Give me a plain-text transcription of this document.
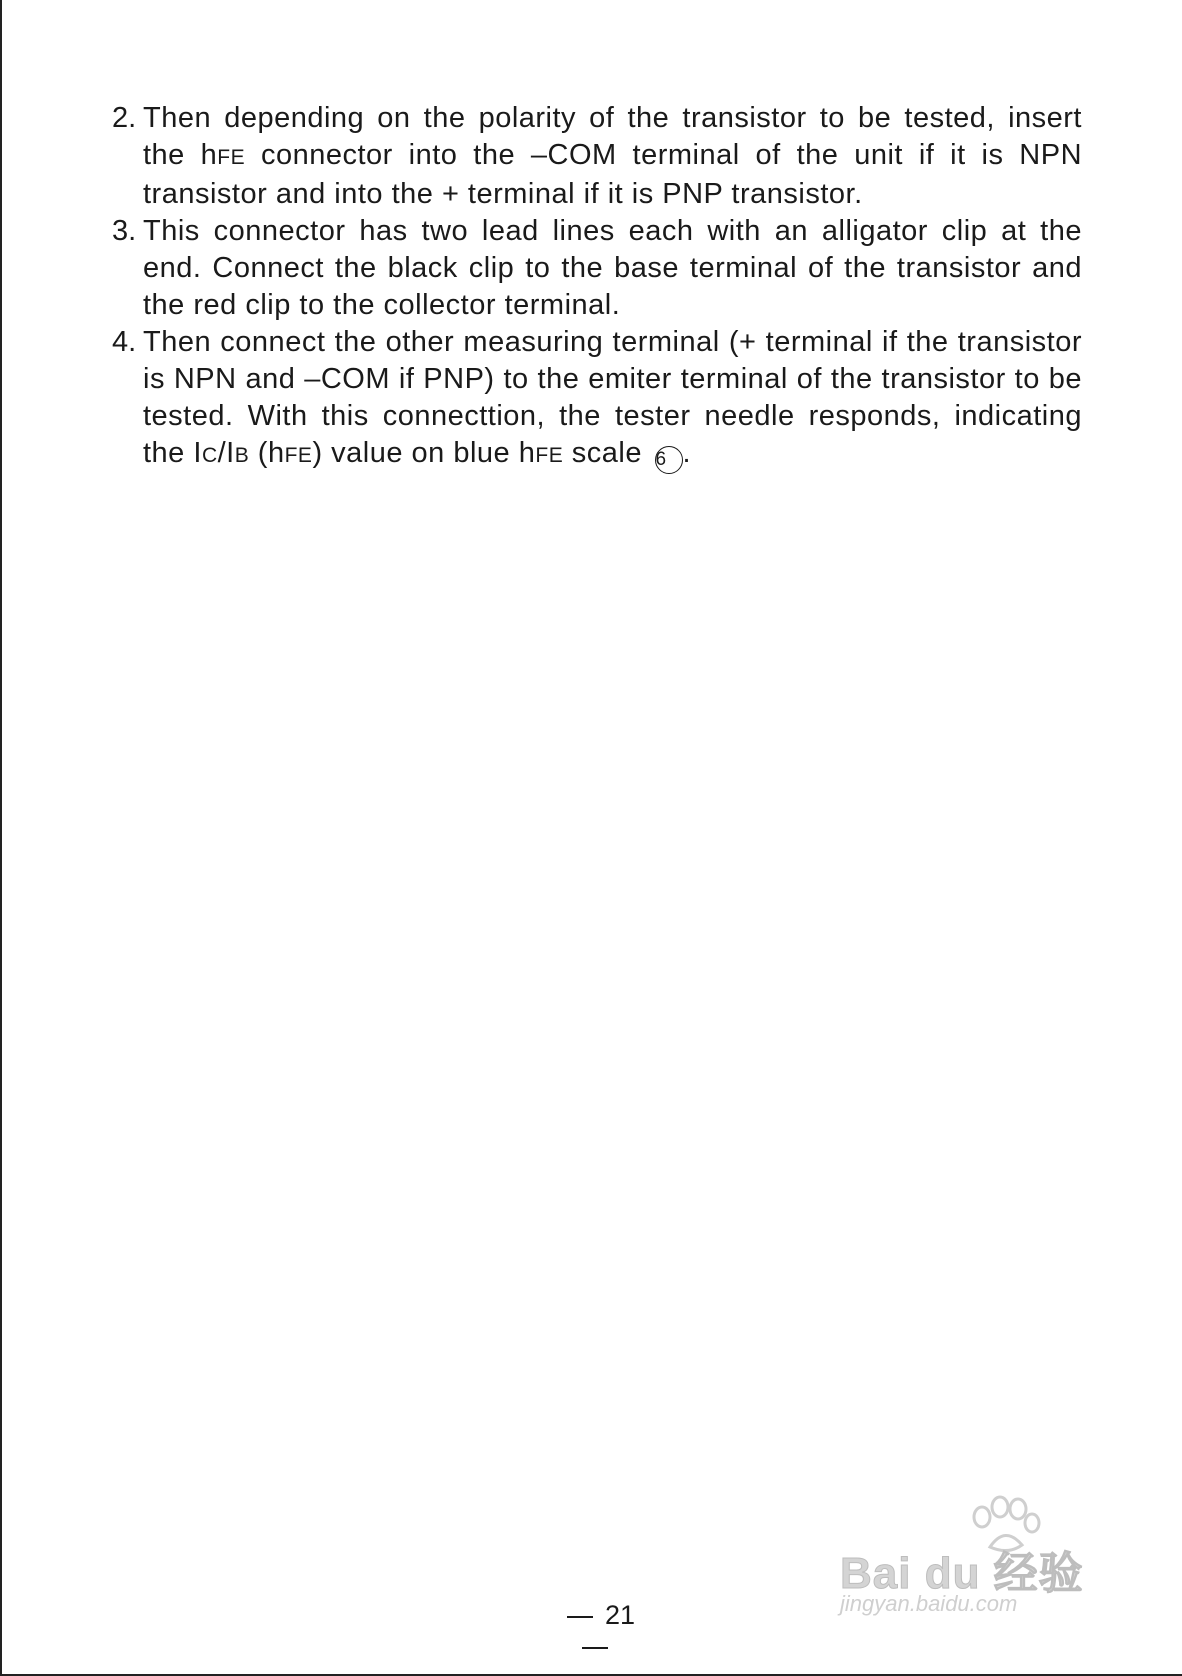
2. Then depending on the polarity of the transistor to be tested, insert the hFE connector into the –COM terminal of the unit if it is NPN transistor and into the + terminal if it is PNP transistor.
3. This connector has two lead lines each with an alligator clip at the end. Connect the black clip to the base terminal of the transistor and the red clip to the collector terminal.
4. Then connect the other measuring terminal (+ terminal if the transistor is NPN and –COM if PNP) to the emiter terminal of the transistor to be tested. With this connecttion, the tester needle responds, indicating the IC/IB (hFE) value on blue hFE scale 6 .
21
Bai du 经验
jingyan.baidu.com
